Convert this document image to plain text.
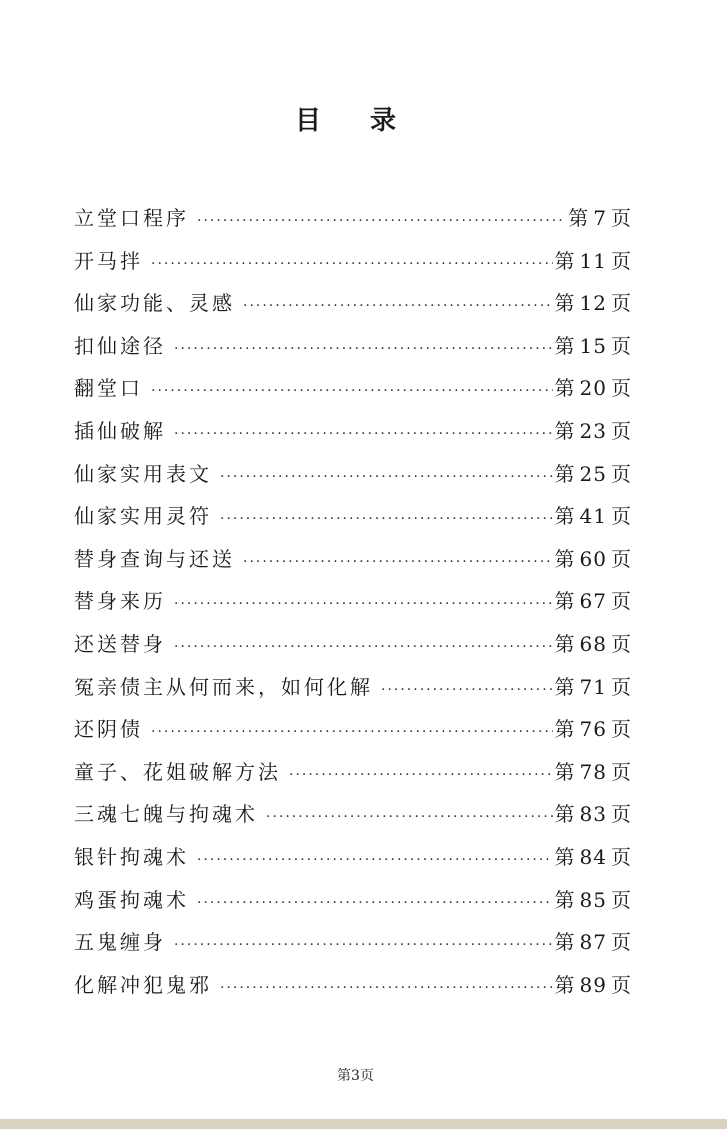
目 录
立堂口程序 ·····	第 7 页
开马拌 ·····	第 11 页
仙家功能、灵感 ·····	第 12 页
扣仙途径 ·····	第 15 页
翻堂口 ·····	第 20 页
插仙破解 ·····	第 23 页
仙家实用表文 ·····	第 25 页
仙家实用灵符 ·····	第 41 页
替身查询与还送 ·····	第 60 页
替身来历 ·····	第 67 页
还送替身 ·····	第 68 页
冤亲债主从何而来，如何化解 ·····	第 71 页
还阴债 ·····	第 76 页
童子、花姐破解方法 ·····	第 78 页
三魂七魄与拘魂术 ·····	第 83 页
银针拘魂术 ·····	第 84 页
鸡蛋拘魂术 ·····	第 85 页
五鬼缠身 ·····	第 87 页
化解冲犯鬼邪 ·····	第 89 页
第3页
